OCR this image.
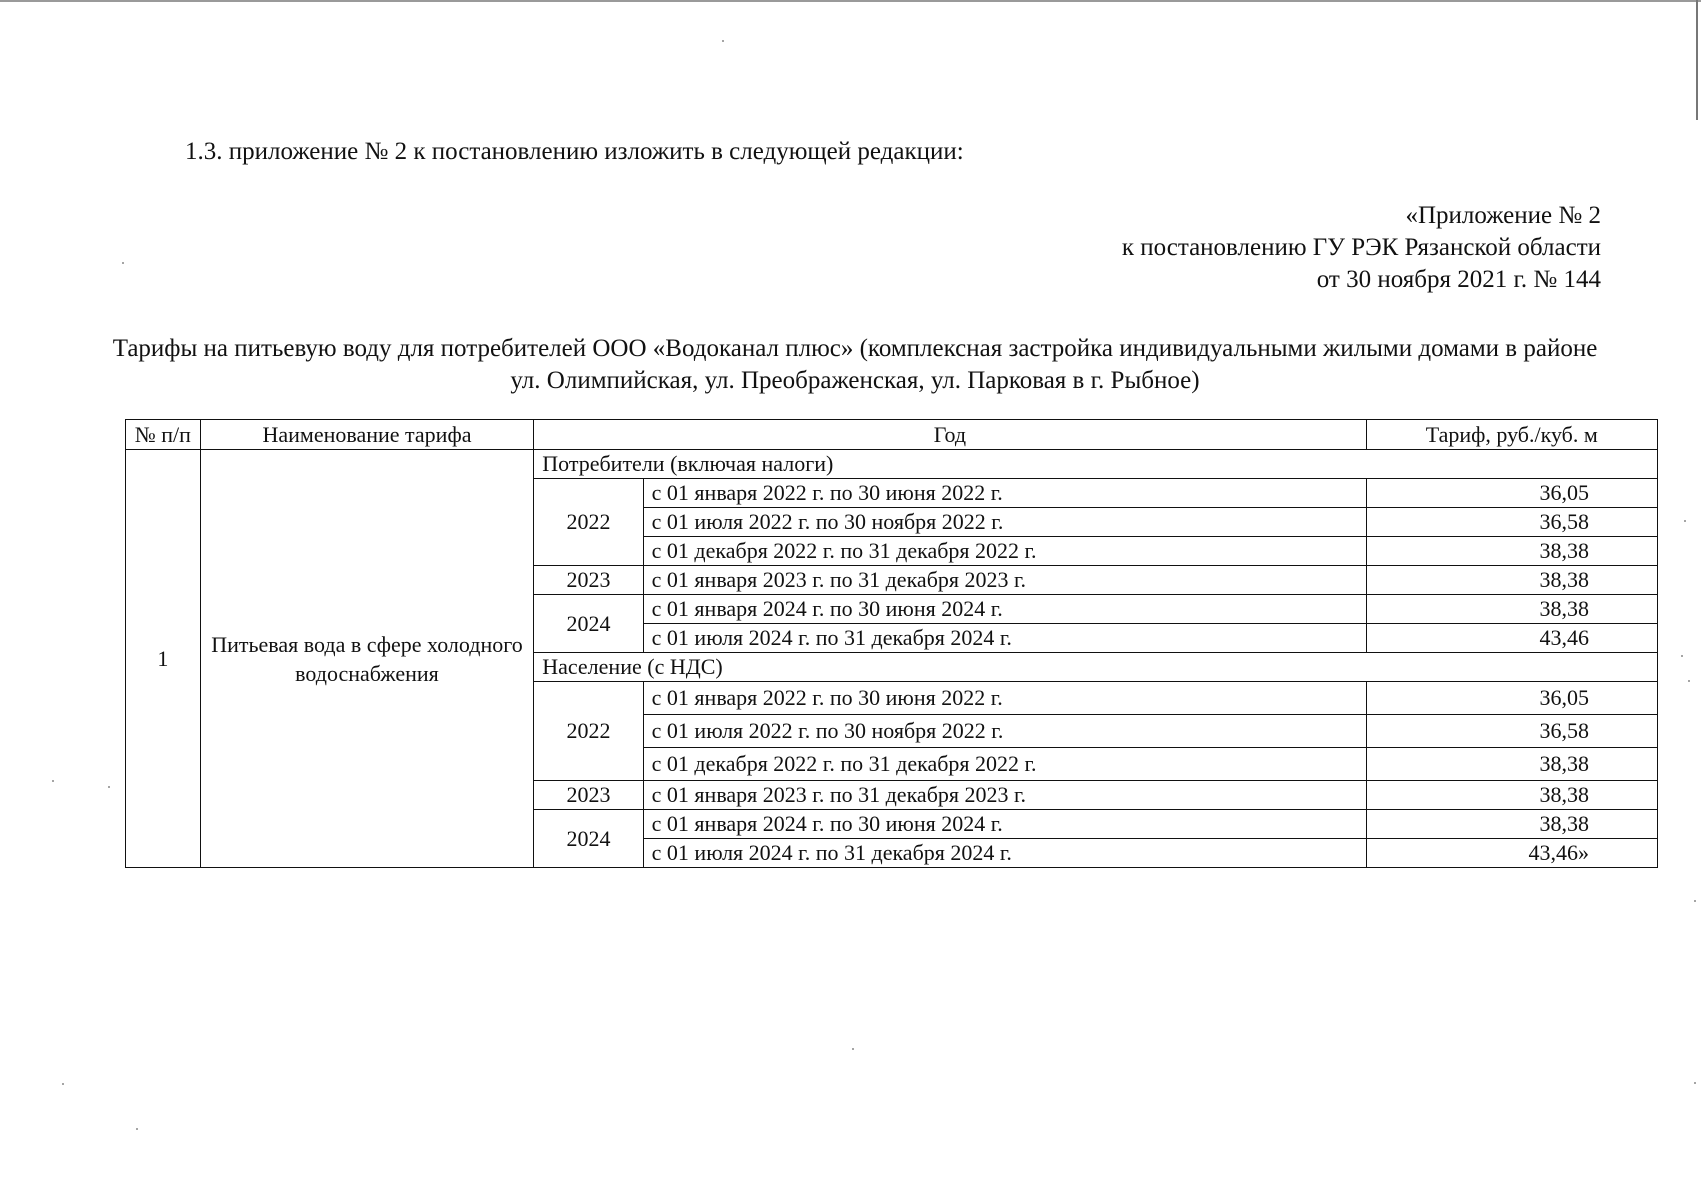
1.3. приложение № 2 к постановлению изложить в следующей редакции:
«Приложение № 2
к постановлению ГУ РЭК Рязанской области
от 30 ноября 2021 г. № 144
Тарифы на питьевую воду для потребителей ООО «Водоканал плюс» (комплексная застройка индивидуальными жилыми домами в районе ул. Олимпийская, ул. Преображенская, ул. Парковая в г. Рыбное)
№ п/п	Наименование тарифа	Год		Тариф, руб./куб. м
1	Питьевая вода в сфере холодного водоснабжения	Потребители (включая налоги)		
		2022	с 01 января 2022 г. по 30 июня 2022 г.	36,05
			с 01 июля 2022 г. по 30 ноября 2022 г.	36,58
			с 01 декабря 2022 г. по 31 декабря 2022 г.	38,38
		2023	с 01 января 2023 г. по 31 декабря 2023 г.	38,38
		2024	с 01 января 2024 г. по 30 июня 2024 г.	38,38
			с 01 июля 2024 г. по 31 декабря 2024 г.	43,46
		Население (с НДС)		
		2022	с 01 января 2022 г. по 30 июня 2022 г.	36,05
			с 01 июля 2022 г. по 30 ноября 2022 г.	36,58
			с 01 декабря 2022 г. по 31 декабря 2022 г.	38,38
		2023	с 01 января 2023 г. по 31 декабря 2023 г.	38,38
		2024	с 01 января 2024 г. по 30 июня 2024 г.	38,38
			с 01 июля 2024 г. по 31 декабря 2024 г.	43,46»
